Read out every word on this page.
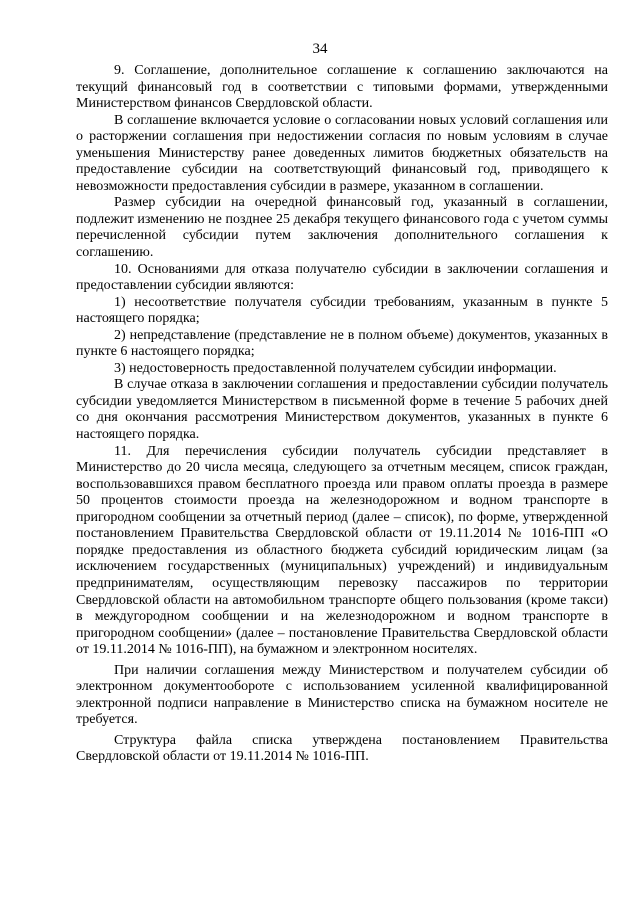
34

9. Соглашение, дополнительное соглашение к соглашению заключаются на текущий финансовый год в соответствии с типовыми формами, утвержденными Министерством финансов Свердловской области.

В соглашение включается условие о согласовании новых условий соглашения или о расторжении соглашения при недостижении согласия по новым условиям в случае уменьшения Министерству ранее доведенных лимитов бюджетных обязательств на предоставление субсидии на соответствующий финансовый год, приводящего к невозможности предоставления субсидии в размере, указанном в соглашении.

Размер субсидии на очередной финансовый год, указанный в соглашении, подлежит изменению не позднее 25 декабря текущего финансового года с учетом суммы перечисленной субсидии путем заключения дополнительного соглашения к соглашению.

10. Основаниями для отказа получателю субсидии в заключении соглашения и предоставлении субсидии являются:

1) несоответствие получателя субсидии требованиям, указанным в пункте 5 настоящего порядка;

2) непредставление (представление не в полном объеме) документов, указанных в пункте 6 настоящего порядка;

3) недостоверность предоставленной получателем субсидии информации.

В случае отказа в заключении соглашения и предоставлении субсидии получатель субсидии уведомляется Министерством в письменной форме в течение 5 рабочих дней со дня окончания рассмотрения Министерством документов, указанных в пункте 6 настоящего порядка.

11. Для перечисления субсидии получатель субсидии представляет в Министерство до 20 числа месяца, следующего за отчетным месяцем, список граждан, воспользовавшихся правом бесплатного проезда или правом оплаты проезда в размере 50 процентов стоимости проезда на железнодорожном и водном транспорте в пригородном сообщении за отчетный период (далее – список), по форме, утвержденной постановлением Правительства Свердловской области от 19.11.2014 № 1016-ПП «О порядке предоставления из областного бюджета субсидий юридическим лицам (за исключением государственных (муниципальных) учреждений) и индивидуальным предпринимателям, осуществляющим перевозку пассажиров по территории Свердловской области на автомобильном транспорте общего пользования (кроме такси) в междугородном сообщении и на железнодорожном и водном транспорте в пригородном сообщении» (далее – постановление Правительства Свердловской области от 19.11.2014 № 1016-ПП), на бумажном и электронном носителях.

При наличии соглашения между Министерством и получателем субсидии об электронном документообороте с использованием усиленной квалифицированной электронной подписи направление в Министерство списка на бумажном носителе не требуется.

Структура файла списка утверждена постановлением Правительства Свердловской области от 19.11.2014 № 1016-ПП.
